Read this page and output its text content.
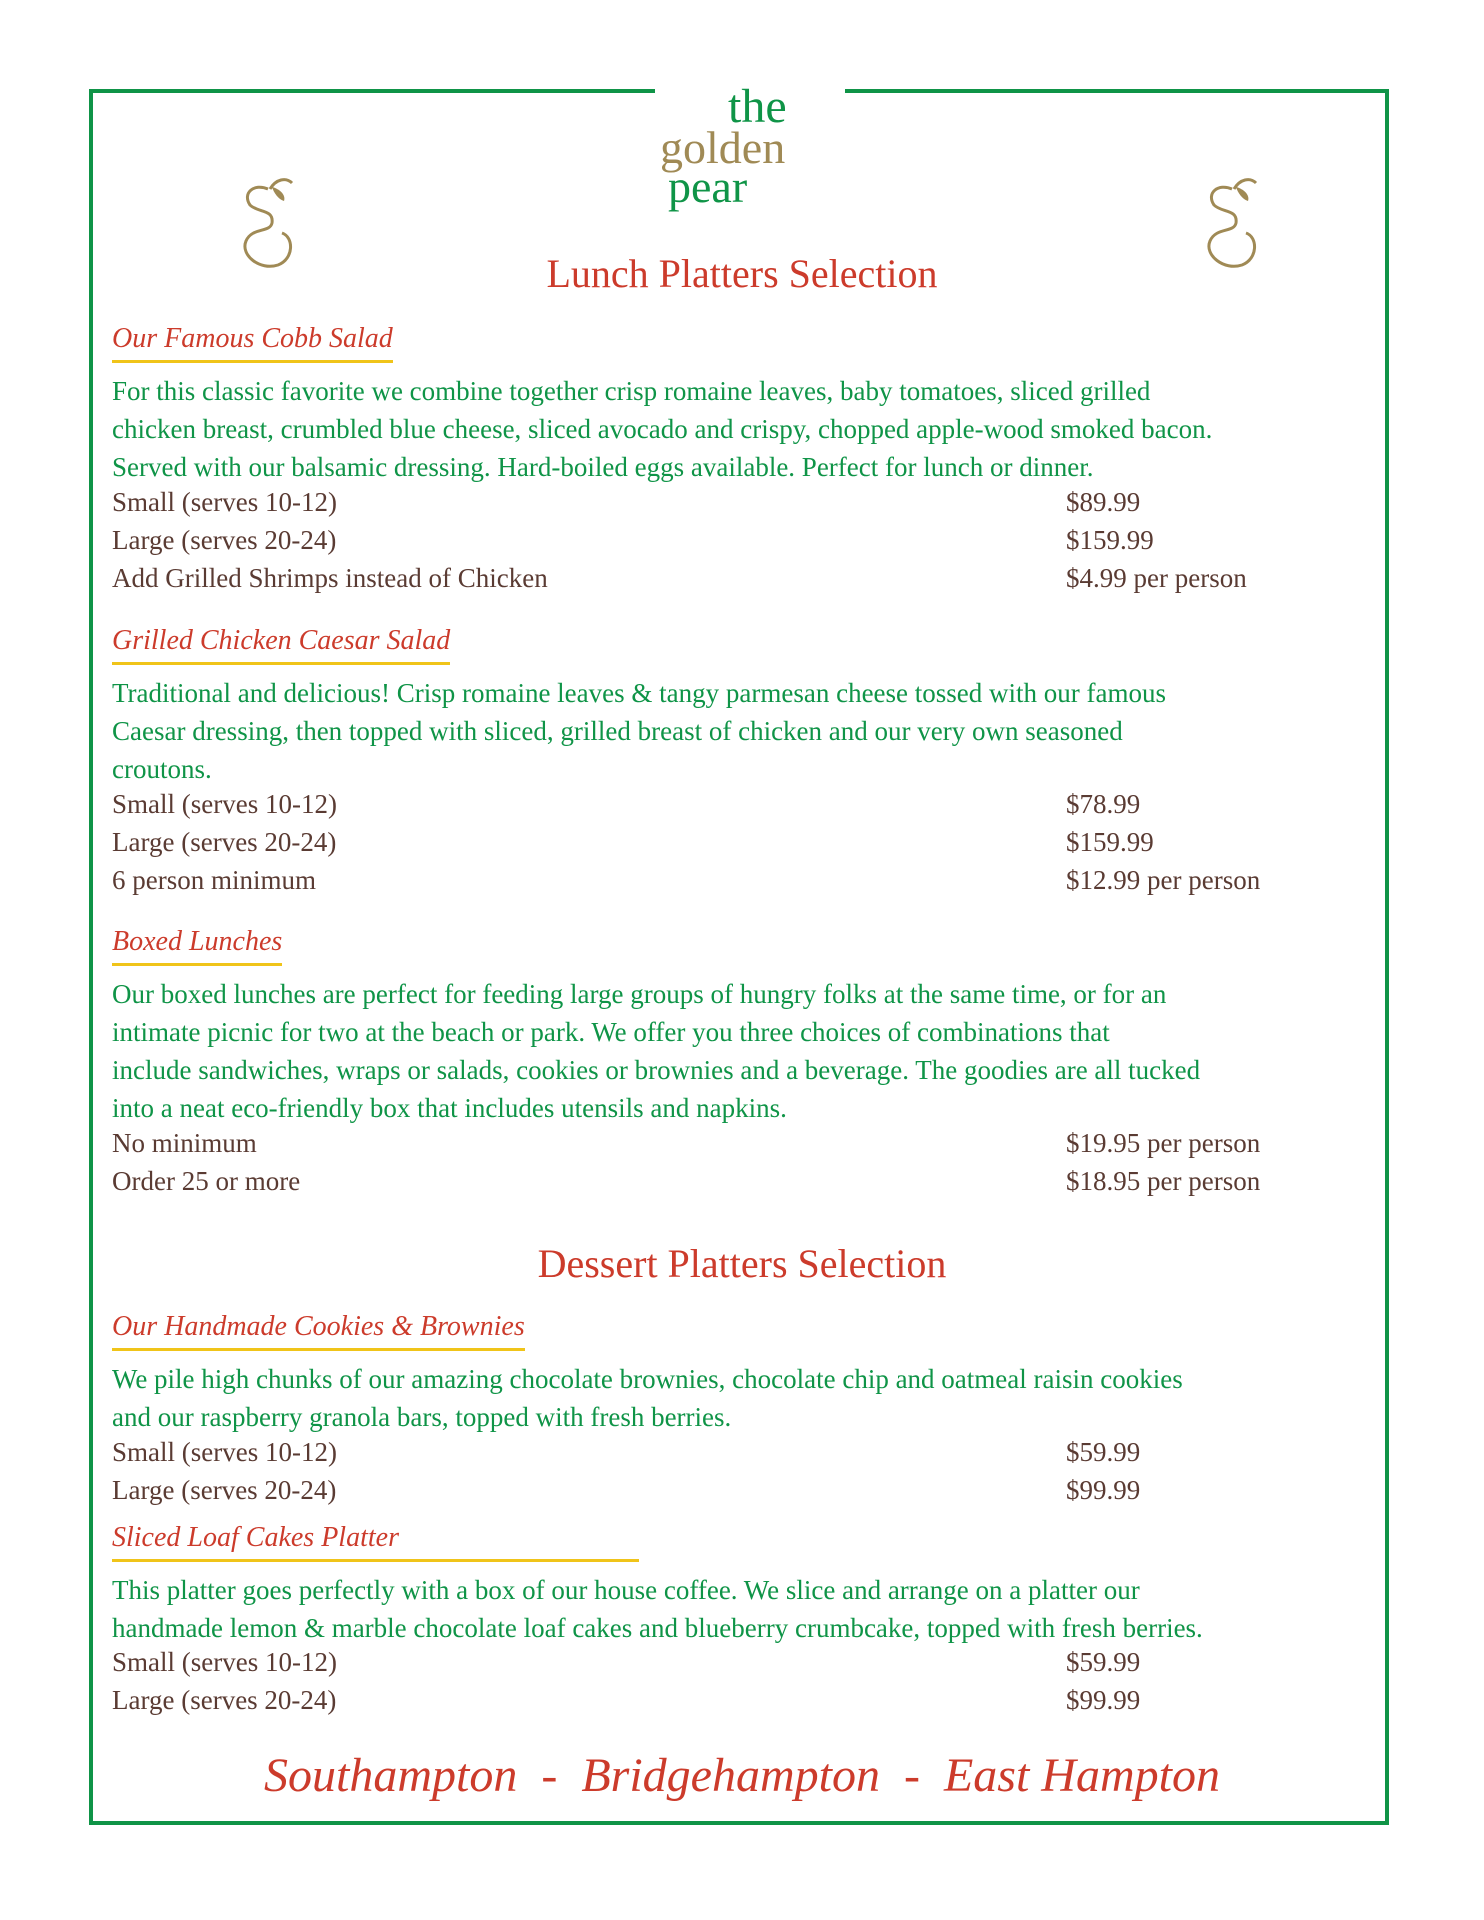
the
golden
pear
Lunch Platters Selection
Our Famous Cobb Salad
For this classic favorite we combine together crisp romaine leaves, baby tomatoes, sliced grilled
chicken breast, crumbled blue cheese, sliced avocado and crispy, chopped apple-wood smoked bacon.
Served with our balsamic dressing. Hard-boiled eggs available. Perfect for lunch or dinner.
Small (serves 10-12)	$89.99
Large (serves 20-24)	$159.99
Add Grilled Shrimps instead of Chicken	$4.99 per person
Grilled Chicken Caesar Salad
Traditional and delicious! Crisp romaine leaves & tangy parmesan cheese tossed with our famous
Caesar dressing, then topped with sliced, grilled breast of chicken and our very own seasoned
croutons.
Small (serves 10-12)	$78.99
Large (serves 20-24)	$159.99
6 person minimum	$12.99 per person
Boxed Lunches
Our boxed lunches are perfect for feeding large groups of hungry folks at the same time, or for an
intimate picnic for two at the beach or park. We offer you three choices of combinations that
include sandwiches, wraps or salads, cookies or brownies and a beverage. The goodies are all tucked
into a neat eco-friendly box that includes utensils and napkins.
No minimum	$19.95 per person
Order 25 or more	$18.95 per person
Dessert Platters Selection
Our Handmade Cookies & Brownies
We pile high chunks of our amazing chocolate brownies, chocolate chip and oatmeal raisin cookies
and our raspberry granola bars, topped with fresh berries.
Small (serves 10-12)	$59.99
Large (serves 20-24)	$99.99
Sliced Loaf Cakes Platter
This platter goes perfectly with a box of our house coffee. We slice and arrange on a platter our
handmade lemon & marble chocolate loaf cakes and blueberry crumbcake, topped with fresh berries.
Small (serves 10-12)	$59.99
Large (serves 20-24)	$99.99
Southampton  -  Bridgehampton  -  East Hampton
